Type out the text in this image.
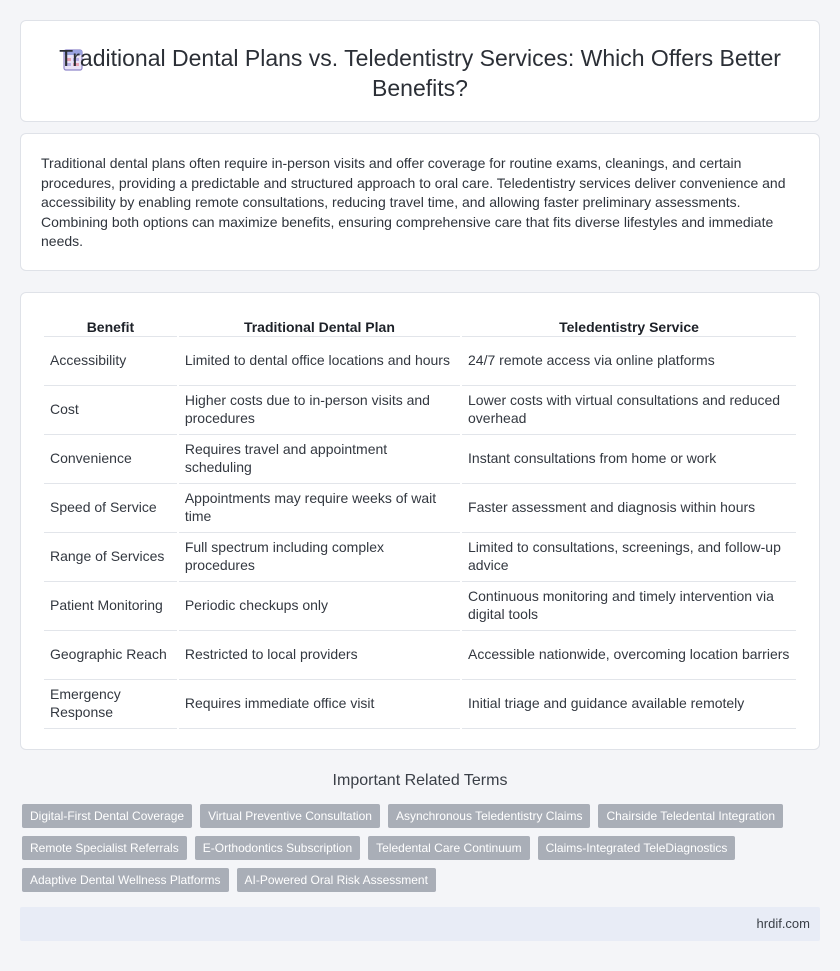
Traditional Dental Plans vs. Teledentistry Services: Which Offers Better Benefits?

Traditional dental plans often require in-person visits and offer coverage for routine exams, cleanings, and certain procedures, providing a predictable and structured approach to oral care. Teledentistry services deliver convenience and accessibility by enabling remote consultations, reducing travel time, and allowing faster preliminary assessments. Combining both options can maximize benefits, ensuring comprehensive care that fits diverse lifestyles and immediate needs.

Benefit	Traditional Dental Plan	Teledentistry Service
Accessibility	Limited to dental office locations and hours	24/7 remote access via online platforms
Cost	Higher costs due to in-person visits and procedures	Lower costs with virtual consultations and reduced overhead
Convenience	Requires travel and appointment scheduling	Instant consultations from home or work
Speed of Service	Appointments may require weeks of wait time	Faster assessment and diagnosis within hours
Range of Services	Full spectrum including complex procedures	Limited to consultations, screenings, and follow-up advice
Patient Monitoring	Periodic checkups only	Continuous monitoring and timely intervention via digital tools
Geographic Reach	Restricted to local providers	Accessible nationwide, overcoming location barriers
Emergency Response	Requires immediate office visit	Initial triage and guidance available remotely
Important Related Terms
Digital-First Dental Coverage	Virtual Preventive Consultation	Asynchronous Teledentistry Claims	Chairside Teledental Integration
Remote Specialist Referrals	E-Orthodontics Subscription	Teledental Care Continuum	Claims-Integrated TeleDiagnostics
Adaptive Dental Wellness Platforms	AI-Powered Oral Risk Assessment
hrdif.com
